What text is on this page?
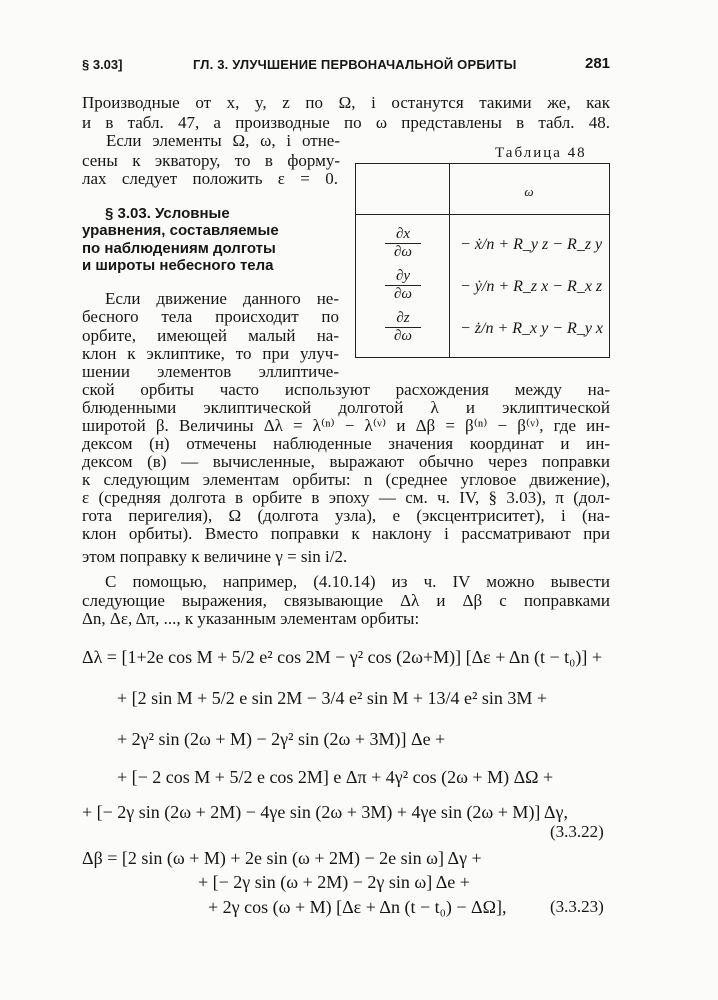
§ 3.03]	ГЛ. 3. УЛУЧШЕНИЕ ПЕРВОНАЧАЛЬНОЙ ОРБИТЫ	281
Производные от x, y, z по Ω, i останутся такими же, как
и в табл. 47, а производные по ω представлены в табл. 48.
Если элементы Ω, ω, i отне-
сены к экватору, то в форму-
лах следует положить ε = 0.
§ 3.03. Условные
уравнения, составляемые
по наблюдениям долготы
и широты небесного тела
Если движение данного не-
бесного тела происходит по
орбите, имеющей малый на-
клон к эклиптике, то при улуч-
шении элементов эллиптиче-
ской орбиты часто используют расхождения между на-
блюденными эклиптической долготой λ и эклиптической
широтой β. Величины Δλ = λ⁽ⁿ⁾ − λ⁽ᵛ⁾ и Δβ = β⁽ⁿ⁾ − β⁽ᵛ⁾, где ин-
дексом (н) отмечены наблюденные значения координат и ин-
дексом (в) — вычисленные, выражают обычно через поправки
к следующим элементам орбиты: n (среднее угловое движение),
ε (средняя долгота в орбите в эпоху — см. ч. IV, § 3.03), π (дол-
гота перигелия), Ω (долгота узла), e (эксцентриситет), i (на-
клон орбиты). Вместо поправки к наклону i рассматривают при
этом поправку к величине γ = sin i/2.
С помощью, например, (4.10.14) из ч. IV можно вывести
следующие выражения, связывающие Δλ и Δβ с поправками
Δn, Δε, Δπ, ..., к указанным элементам орбиты:
Таблица 48
ω
∂x
∂ω	− ẋ/n + R_y z − R_z y
∂y
∂ω	− ẏ/n + R_z x − R_x z
∂z
∂ω	− ż/n + R_x y − R_y x
Δλ = [1+2e cos M + 5/2 e² cos 2M − γ² cos (2ω+M)] [Δε + Δn (t − t₀)] +
+ [2 sin M + 5/2 e sin 2M − 3/4 e² sin M + 13/4 e² sin 3M +
+ 2γ² sin (2ω + M) − 2γ² sin (2ω + 3M)] Δe +
+ [− 2 cos M + 5/2 e cos 2M] e Δπ + 4γ² cos (2ω + M) ΔΩ +
+ [− 2γ sin (2ω + 2M) − 4γe sin (2ω + 3M) + 4γe sin (2ω + M)] Δγ,
(3.3.22)
Δβ = [2 sin (ω + M) + 2e sin (ω + 2M) − 2e sin ω] Δγ +
+ [− 2γ sin (ω + 2M) − 2γ sin ω] Δe +
+ 2γ cos (ω + M) [Δε + Δn (t − t₀) − ΔΩ],	(3.3.23)
